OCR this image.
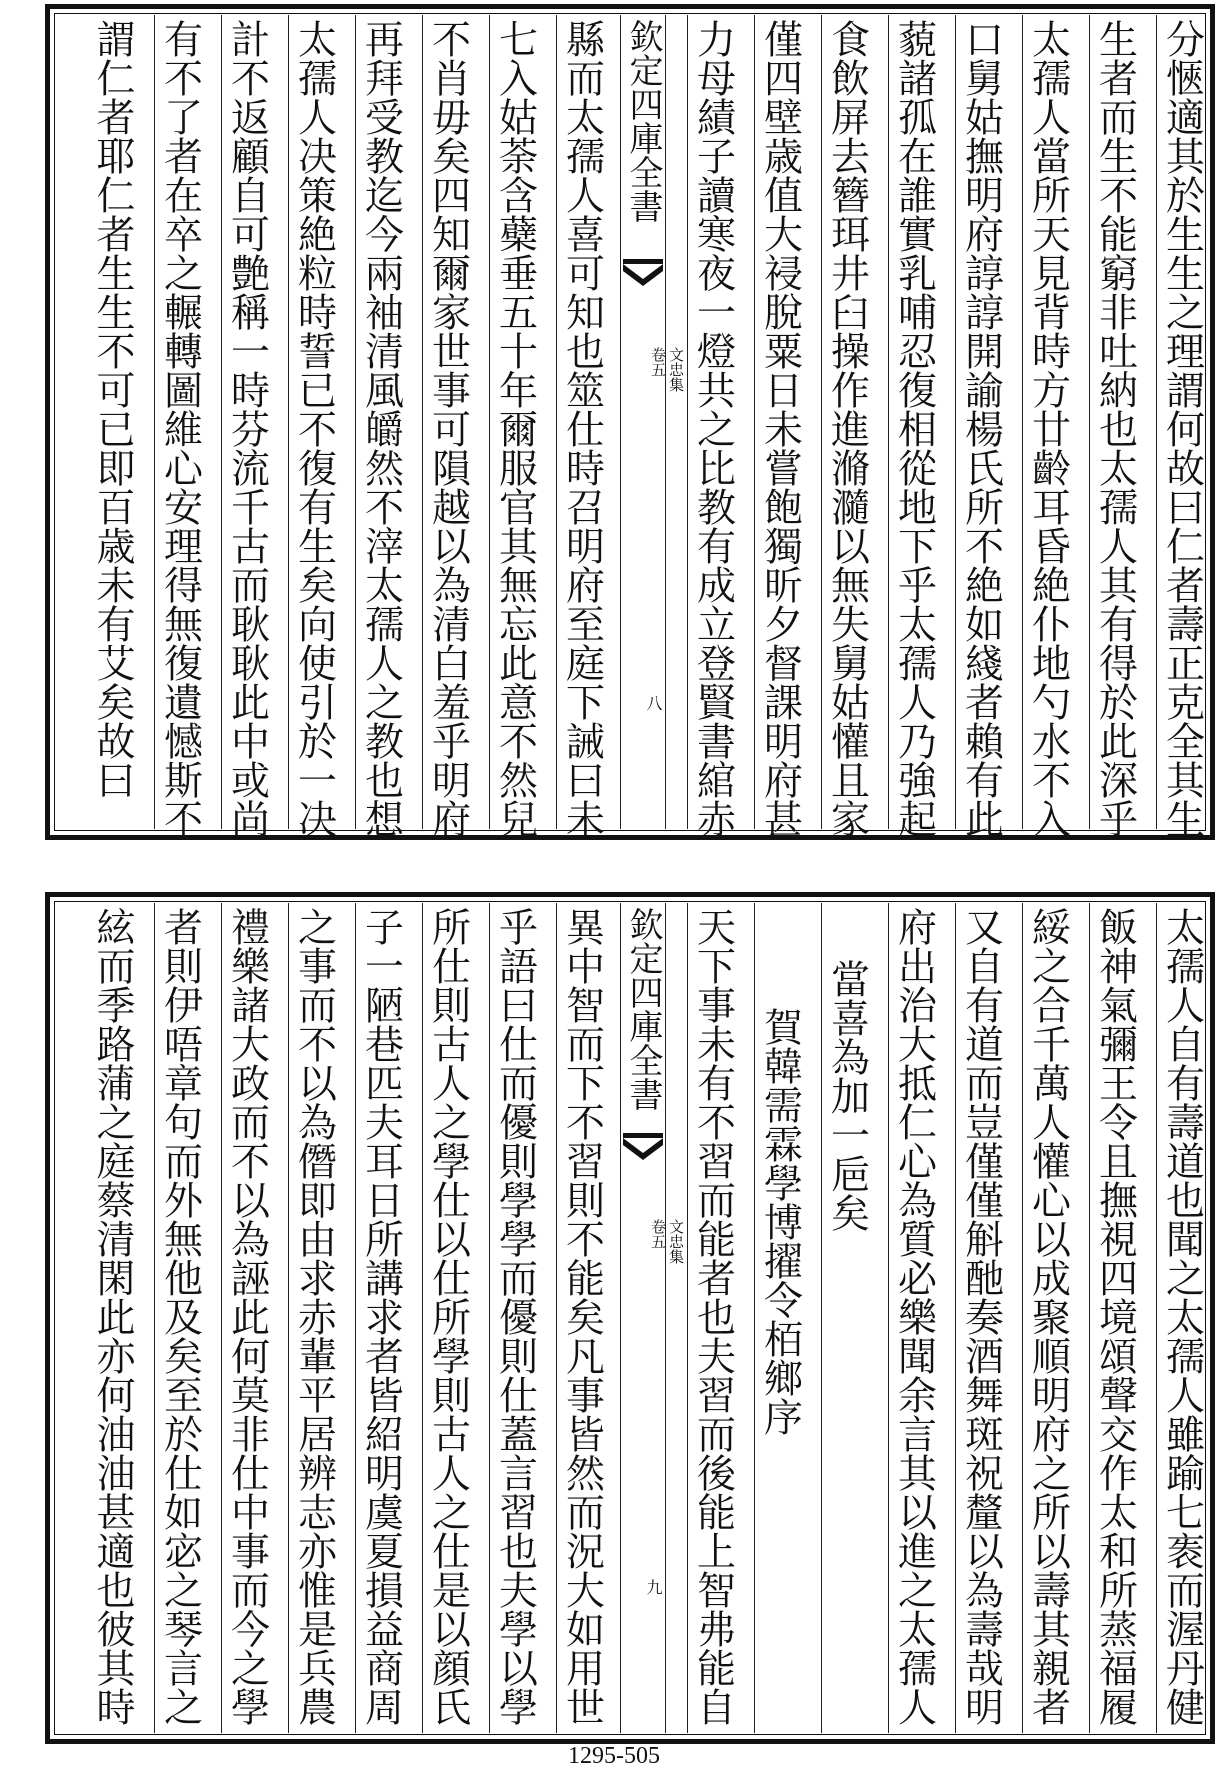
欽定四庫全書
文忠集
卷五
八	分愜適其於生生之理謂何故曰仁者壽正克全其生
生者而生不能窮非吐納也太孺人其有得於此深乎
太孺人當所天見背時方廿齡耳昏絶仆地勺水不入
口舅姑撫明府諄諄開諭楊氏所不絶如綫者賴有此
藐諸孤在誰實乳哺忍復相從地下乎太孺人乃強起
食飲屏去簪珥井臼操作進滫瀡以無失舅姑懽且家
僅四壁歳值大祲脫粟日未嘗飽獨昕夕督課明府甚
力母績子讀寒夜一燈共之比教有成立登賢書綰赤
縣而太孺人喜可知也筮仕時召明府至庭下誡曰未
七入姑荼含蘗垂五十年爾服官其無忘此意不然兒
不肖毋矣四知爾家世事可隕越以為清白羞乎明府
再拜受教迄今兩袖清風皭然不滓太孺人之教也想
太孺人决策絶粒時誓已不復有生矣向使引於一决
計不返顧自可艶稱一時芬流千古而耿耿此中或尚
有不了者在卒之輾轉圖維心安理得無復遺憾斯不
謂仁者耶仁者生生不可已即百歳未有艾矣故曰
欽定四庫全書
文忠集
卷五
九	太孺人自有壽道也聞之太孺人雖踰七袠而渥丹健
飯神氣彌王令且撫視四境頌聲交作太和所蒸福履
綏之合千萬人懽心以成聚順明府之所以壽其親者
又自有道而豈僅僅斛酏奏酒舞斑祝釐以為壽哉明
府出治大抵仁心為質必樂聞余言其以進之太孺人
當喜為加一巵矣
賀韓需霖學博擢令栢鄉序
天下事未有不習而能者也夫習而後能上智弗能自
異中智而下不習則不能矣凡事皆然而況大如用世
乎語曰仕而優則學學而優則仕蓋言習也夫學以學
所仕則古人之學仕以仕所學則古人之仕是以顔氏
子一陋巷匹夫耳日所講求者皆紹明虞夏損益商周
之事而不以為僭即由求赤輩平居辨志亦惟是兵農
禮樂諸大政而不以為誣此何莫非仕中事而今之學
者則伊唔章句而外無他及矣至於仕如宓之琴言之
絃而季路蒲之庭蔡清閑此亦何油油甚適也彼其時
1295-505
